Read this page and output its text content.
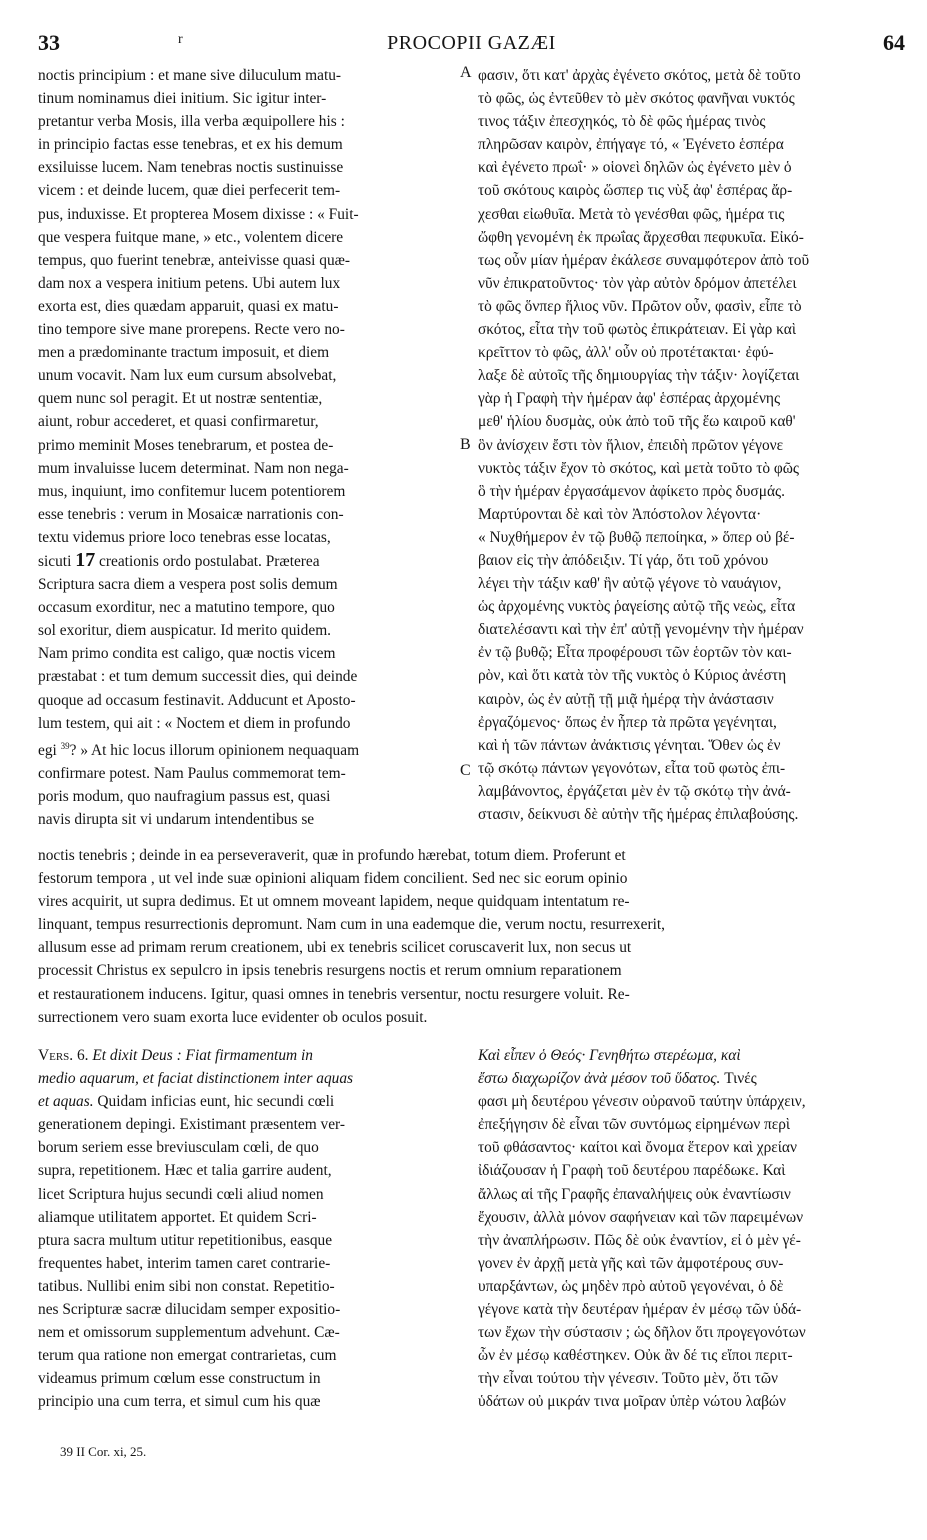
33	r	PROCOPII GAZÆI	64
noctis principium : et mane sive diluculum matu-
tinum nominamus diei initium. Sic igitur inter-
pretantur verba Mosis, illa verba æquipollere his :
in principio factas esse tenebras, et ex his demum
exsiluisse lucem. Nam tenebras noctis sustinuisse
vicem : et deinde lucem, quæ diei perfecerit tem-
pus, induxisse. Et propterea Mosem dixisse : « Fuit-
que vespera fuitque mane, » etc., volentem dicere
tempus, quo fuerint tenebræ, anteivisse quasi quæ-
dam nox a vespera initium petens. Ubi autem lux
exorta est, dies quædam apparuit, quasi ex matu-
tino tempore sive mane prorepens. Recte vero no-
men a prædominante tractum imposuit, et diem
unum vocavit. Nam lux eum cursum absolvebat,
quem nunc sol peragit. Et ut nostræ sententiæ,
aiunt, robur accederet, et quasi confirmaretur,
primo meminit Moses tenebrarum, et postea de-
mum invaluisse lucem determinat. Nam non nega-
mus, inquiunt, imo confitemur lucem potentiorem
esse tenebris : verum in Mosaicæ narrationis con-
textu videmus priore loco tenebras esse locatas,
sicuti 17 creationis ordo postulabat. Præterea
Scriptura sacra diem a vespera post solis demum
occasum exorditur, nec a matutino tempore, quo
sol exoritur, diem auspicatur. Id merito quidem.
Nam primo condita est caligo, quæ noctis vicem
præstabat : et tum demum successit dies, qui deinde
quoque ad occasum festinavit. Adducunt et Aposto-
lum testem, qui ait : « Noctem et diem in profundo
egi $^{39}$? » At hic locus illorum opinionem nequaquam
confirmare potest. Nam Paulus commemorat tem-
poris modum, quo naufragium passus est, quasi
navis dirupta sit vi undarum intendentibus se
φασιν, ὅτι κατ' ἀρχὰς ἐγένετο σκότος, μετὰ δὲ τοῦτο
τὸ φῶς, ὡς ἐντεῦθεν τὸ μὲν σκότος φανῆναι νυκτός
τινος τάξιν ἐπεσχηκός, τὸ δὲ φῶς ἡμέρας τινὸς
πληρῶσαν καιρὸν, ἐπήγαγε τό, « Ἐγένετο ἑσπέρα
καὶ ἐγένετο πρωΐ· » οἱονεὶ δηλῶν ὡς ἐγένετο μὲν ὁ
τοῦ σκότους καιρὸς ὥσπερ τις νὺξ ἀφ' ἑσπέρας ἄρ-
χεσθαι εἰωθυῖα. Μετὰ τὸ γενέσθαι φῶς, ἡμέρα τις
ὤφθη γενομένη ἐκ πρωΐας ἄρχεσθαι πεφυκυῖα. Εἰκό-
τως οὖν μίαν ἡμέραν ἐκάλεσε συναμφότερον ἀπὸ τοῦ
νῦν ἐπικρατοῦντος· τὸν γὰρ αὐτὸν δρόμον ἀπετέλει
τὸ φῶς ὅνπερ ἥλιος νῦν. Πρῶτον οὖν, φασὶν, εἶπε τὸ
σκότος, εἶτα τὴν τοῦ φωτὸς ἐπικράτειαν. Εἰ γὰρ καὶ
κρεῖττον τὸ φῶς, ἀλλ' οὖν οὐ προτέτακται· ἐφύ-
λαξε δὲ αὐτοῖς τῆς δημιουργίας τὴν τάξιν· λογίζεται
γὰρ ἡ Γραφὴ τὴν ἡμέραν ἀφ' ἑσπέρας ἀρχομένης
μεθ' ἡλίου δυσμὰς, οὐκ ἀπὸ τοῦ τῆς ἕω καιροῦ καθ'
ὃν ἀνίσχειν ἔστι τὸν ἥλιον, ἐπειδὴ πρῶτον γέγονε
νυκτὸς τάξιν ἔχον τὸ σκότος, καὶ μετὰ τοῦτο τὸ φῶς
ὃ τὴν ἡμέραν ἐργασάμενον ἀφίκετο πρὸς δυσμάς.
Μαρτύρονται δὲ καὶ τὸν Ἀπόστολον λέγοντα·
« Νυχθήμερον ἐν τῷ βυθῷ πεποίηκα, » ὅπερ οὐ βέ-
βαιον εἰς τὴν ἀπόδειξιν. Τί γάρ, ὅτι τοῦ χρόνου
λέγει τὴν τάξιν καθ' ἣν αὐτῷ γέγονε τὸ ναυάγιον,
ὡς ἀρχομένης νυκτὸς ῥαγείσης αὐτῷ τῆς νεὼς, εἶτα
διατελέσαντι καὶ τὴν ἐπ' αὐτῇ γενομένην τὴν ἡμέραν
ἐν τῷ βυθῷ; Εἶτα προφέρουσι τῶν ἑορτῶν τὸν και-
ρὸν, καὶ ὅτι κατὰ τὸν τῆς νυκτὸς ὁ Κύριος ἀνέστη
καιρὸν, ὡς ἐν αὐτῇ τῇ μιᾷ ἡμέρᾳ τὴν ἀνάστασιν
ἐργαζόμενος· ὅπως ἐν ἧπερ τὰ πρῶτα γεγένηται,
καὶ ἡ τῶν πάντων ἀνάκτισις γένηται. Ὅθεν ὡς ἐν
τῷ σκότῳ πάντων γεγονότων, εἶτα τοῦ φωτὸς ἐπι-
λαμβάνοντος, ἐργάζεται μὲν ἐν τῷ σκότῳ τὴν ἀνά-
στασιν, δείκνυσι δὲ αὐτὴν τῆς ἡμέρας ἐπιλαβούσης.
A
B
C
noctis tenebris ; deinde in ea perseveraverit, quæ in profundo hærebat, totum diem. Proferunt et
festorum tempora , ut vel inde suæ opinioni aliquam fidem concilient. Sed nec sic eorum opinio
vires acquirit, ut supra dedimus. Et ut omnem moveant lapidem, neque quidquam intentatum re-
linquant, tempus resurrectionis depromunt. Nam cum in una eademque die, verum noctu, resurrexerit,
allusum esse ad primam rerum creationem, ubi ex tenebris scilicet coruscaverit lux, non secus ut
processit Christus ex sepulcro in ipsis tenebris resurgens noctis et rerum omnium reparationem
et restaurationem inducens. Igitur, quasi omnes in tenebris versentur, noctu resurgere voluit. Re-
surrectionem vero suam exorta luce evidenter ob oculos posuit.
Vers. 6. Et dixit Deus : Fiat firmamentum in
medio aquarum, et faciat distinctionem inter aquas
et aquas. Quidam inficias eunt, hic secundi cœli
generationem depingi. Existimant præsentem ver-
borum seriem esse breviusculam cœli, de quo
supra, repetitionem. Hæc et talia garrire audent,
licet Scriptura hujus secundi cœli aliud nomen
aliamque utilitatem apportet. Et quidem Scri-
ptura sacra multum utitur repetitionibus, easque
frequentes habet, interim tamen caret contrarie-
tatibus. Nullibi enim sibi non constat. Repetitio-
nes Scripturæ sacræ dilucidam semper expositio-
nem et omissorum supplementum advehunt. Cæ-
terum qua ratione non emergat contrarietas, cum
videamus primum cœlum esse constructum in
principio una cum terra, et simul cum his quæ
Καὶ εἶπεν ὁ Θεός· Γενηθήτω στερέωμα, καὶ
ἔστω διαχωρίζον ἀνὰ μέσον τοῦ ὕδατος. Τινές
φασι μὴ δευτέρου γένεσιν οὐρανοῦ ταύτην ὑπάρχειν,
ἐπεξήγησιν δὲ εἶναι τῶν συντόμως εἰρημένων περὶ
τοῦ φθάσαντος· καίτοι καὶ ὄνομα ἕτερον καὶ χρείαν
ἰδιάζουσαν ἡ Γραφὴ τοῦ δευτέρου παρέδωκε. Καὶ
ἄλλως αἱ τῆς Γραφῆς ἐπαναλήψεις οὐκ ἐναντίωσιν
ἔχουσιν, ἀλλὰ μόνον σαφήνειαν καὶ τῶν παρειμένων
τὴν ἀναπλήρωσιν. Πῶς δὲ οὐκ ἐναντίον, εἰ ὁ μὲν γέ-
γονεν ἐν ἀρχῇ μετὰ γῆς καὶ τῶν ἀμφοτέρους συν-
υπαρξάντων, ὡς μηδὲν πρὸ αὐτοῦ γεγονέναι, ὁ δὲ
γέγονε κατὰ τὴν δευτέραν ἡμέραν ἐν μέσῳ τῶν ὑδά-
των ἔχων τὴν σύστασιν ; ὡς δῆλον ὅτι προγεγονότων
ὧν ἐν μέσῳ καθέστηκεν. Οὐκ ἂν δέ τις εἴποι περιτ-
τὴν εἶναι τούτου τὴν γένεσιν. Τοῦτο μὲν, ὅτι τῶν
ὑδάτων οὐ μικράν τινα μοῖραν ὑπὲρ νώτου λαβών
39 II Cor. xi, 25.
